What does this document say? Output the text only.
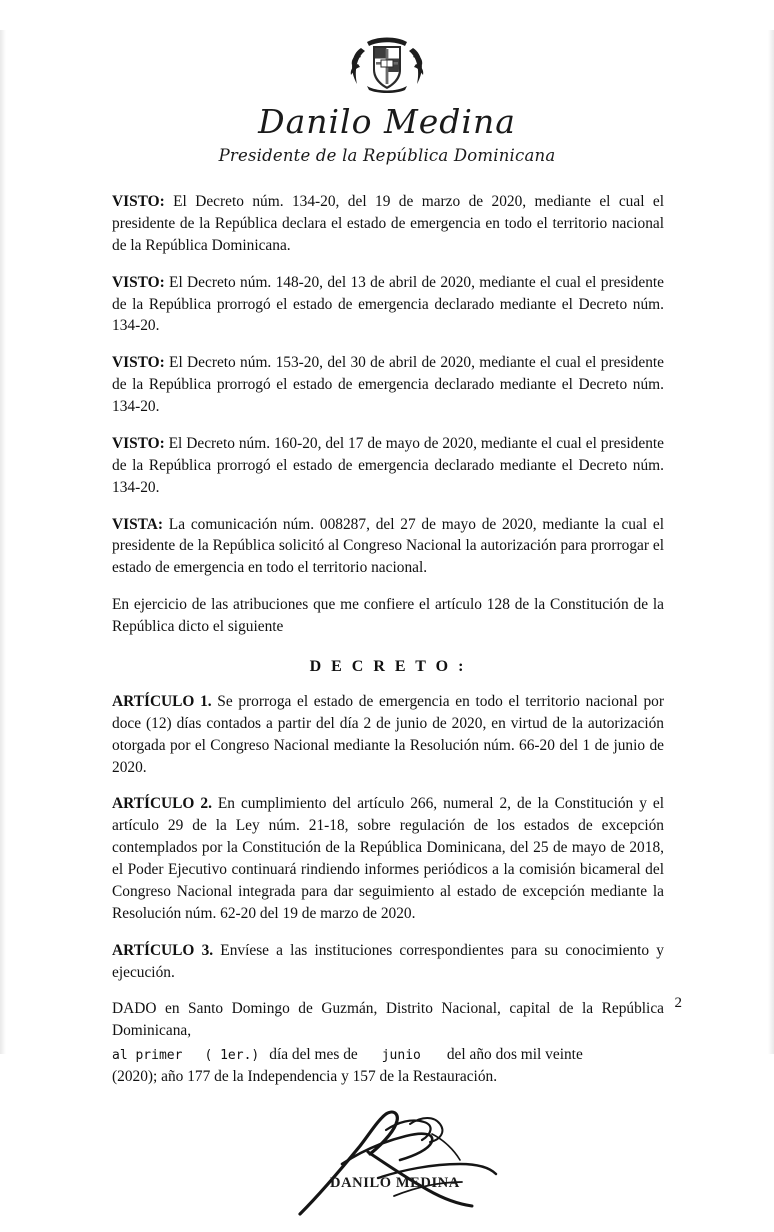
Danilo Medina
Presidente de la República Dominicana

VISTO: El Decreto núm. 134-20, del 19 de marzo de 2020, mediante el cual el presidente de la República declara el estado de emergencia en todo el territorio nacional de la República Dominicana.

VISTO: El Decreto núm. 148-20, del 13 de abril de 2020, mediante el cual el presidente de la República prorrogó el estado de emergencia declarado mediante el Decreto núm. 134-20.

VISTO: El Decreto núm. 153-20, del 30 de abril de 2020, mediante el cual el presidente de la República prorrogó el estado de emergencia declarado mediante el Decreto núm. 134-20.

VISTO: El Decreto núm. 160-20, del 17 de mayo de 2020, mediante el cual el presidente de la República prorrogó el estado de emergencia declarado mediante el Decreto núm. 134-20.

VISTA: La comunicación núm. 008287, del 27 de mayo de 2020, mediante la cual el presidente de la República solicitó al Congreso Nacional la autorización para prorrogar el estado de emergencia en todo el territorio nacional.

En ejercicio de las atribuciones que me confiere el artículo 128 de la Constitución de la República dicto el siguiente

D E C R E T O :

ARTÍCULO 1. Se prorroga el estado de emergencia en todo el territorio nacional por doce (12) días contados a partir del día 2 de junio de 2020, en virtud de la autorización otorgada por el Congreso Nacional mediante la Resolución núm. 66-20 del 1 de junio de 2020.

ARTÍCULO 2. En cumplimiento del artículo 266, numeral 2, de la Constitución y el artículo 29 de la Ley núm. 21-18, sobre regulación de los estados de excepción contemplados por la Constitución de la República Dominicana, del 25 de mayo de 2018, el Poder Ejecutivo continuará rindiendo informes periódicos a la comisión bicameral del Congreso Nacional integrada para dar seguimiento al estado de excepción mediante la Resolución núm. 62-20 del 19 de marzo de 2020.

ARTÍCULO 3. Envíese a las instituciones correspondientes para su conocimiento y ejecución.

DADO en Santo Domingo de Guzmán, Distrito Nacional, capital de la República Dominicana,
al primer ( 1er.) día del mes de junio del año dos mil veinte
(2020); año 177 de la Independencia y 157 de la Restauración.
DANILO MEDINA
2
